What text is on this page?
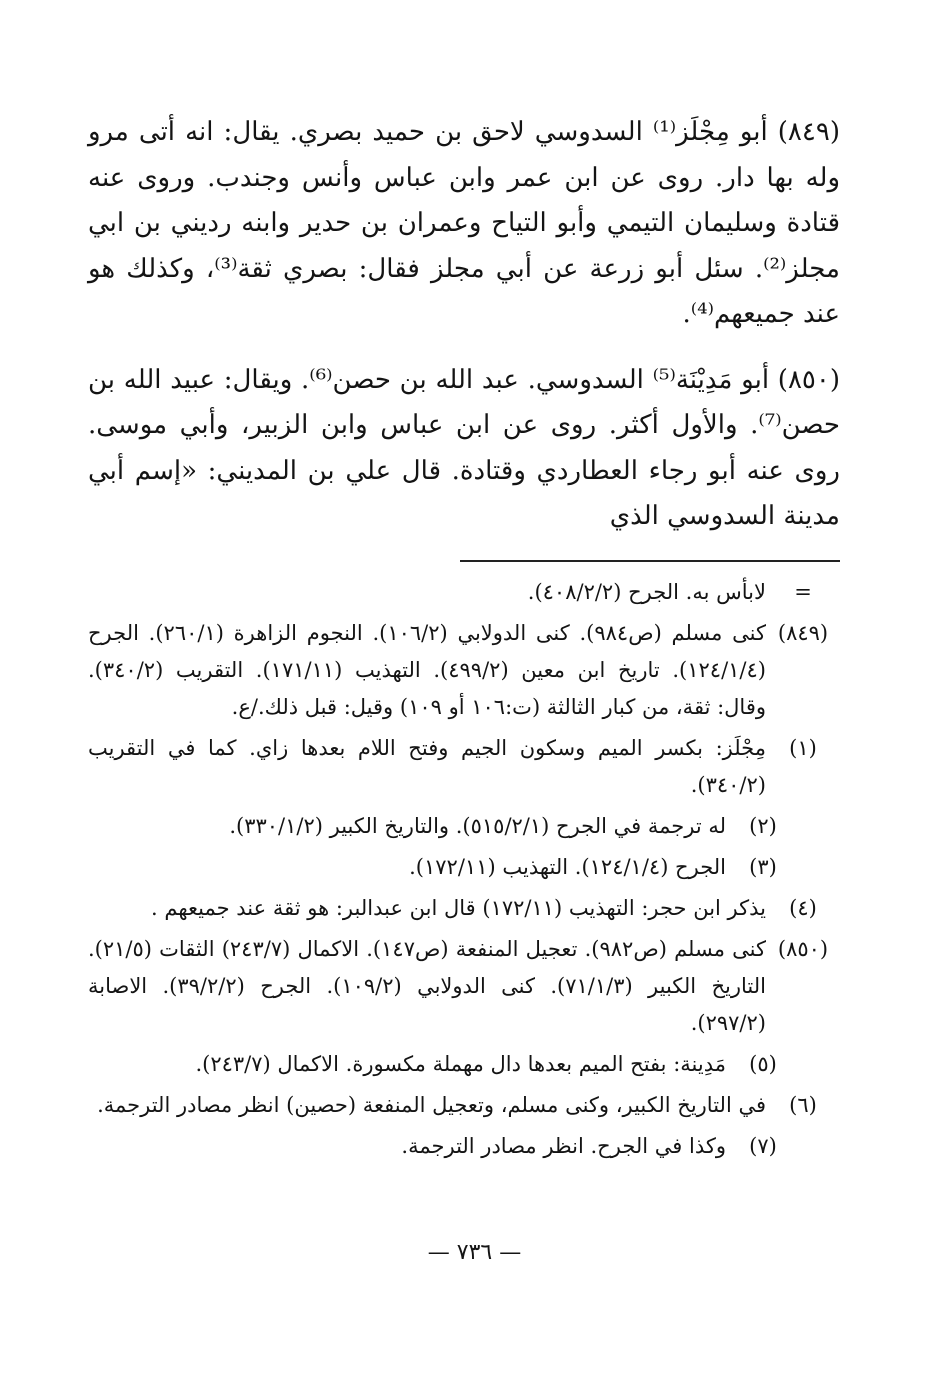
(٨٤٩) أبو مِجْلَز⁽¹⁾ السدوسي لاحق بن حميد بصري. يقال: انه أتى مرو وله بها دار. روى عن ابن عمر وابن عباس وأنس وجندب. وروى عنه قتادة وسليمان التيمي وأبو التياح وعمران بن حدير وابنه رديني بن ابي مجلز⁽²⁾. سئل أبو زرعة عن أبي مجلز فقال: بصري ثقة⁽³⁾، وكذلك هو عند جميعهم⁽⁴⁾.

(٨٥٠) أبو مَدِيْنَة⁽⁵⁾ السدوسي. عبد الله بن حصن⁽⁶⁾. ويقال: عبيد الله بن حصن⁽⁷⁾. والأول أكثر. روى عن ابن عباس وابن الزبير، وأبي موسى. روى عنه أبو رجاء العطاردي وقتادة. قال علي بن المديني: «إسم أبي مدينة السدوسي الذي

=
لابأس به. الجرح (٤٠٨/٢/٢).
(٨٤٩)
كنى مسلم (ص٩٨٤). كنى الدولابي (١٠٦/٢). النجوم الزاهرة (٢٦٠/١). الجرح (١٢٤/١/٤). تاريخ ابن معين (٤٩٩/٢). التهذيب (١٧١/١١). التقريب (٣٤٠/٢). وقال: ثقة، من كبار الثالثة (ت:١٠٦ أو ١٠٩) وقيل: قبل ذلك./ع.
(١)
مِجْلَز: بكسر الميم وسكون الجيم وفتح اللام بعدها زاي. كما في التقريب (٣٤٠/٢).
(٢)
له ترجمة في الجرح (٥١٥/٢/١). والتاريخ الكبير (٣٣٠/١/٢).
(٣)
الجرح (١٢٤/١/٤). التهذيب (١٧٢/١١).
(٤)
يذكر ابن حجر: التهذيب (١٧٢/١١) قال ابن عبدالبر: هو ثقة عند جميعهم .
(٨٥٠)
كنى مسلم (ص٩٨٢). تعجيل المنفعة (ص١٤٧). الاكمال (٢٤٣/٧) الثقات (٢١/٥). التاريخ الكبير (٧١/١/٣). كنى الدولابي (١٠٩/٢). الجرح (٣٩/٢/٢). الاصابة (٢٩٧/٢).
(٥)
مَدِينة: بفتح الميم بعدها دال مهملة مكسورة. الاكمال (٢٤٣/٧).
(٦)
في التاريخ الكبير، وكنى مسلم، وتعجيل المنفعة (حصين) انظر مصادر الترجمة.
(٧)
وكذا في الجرح. انظر مصادر الترجمة.
— ٧٣٦ —
